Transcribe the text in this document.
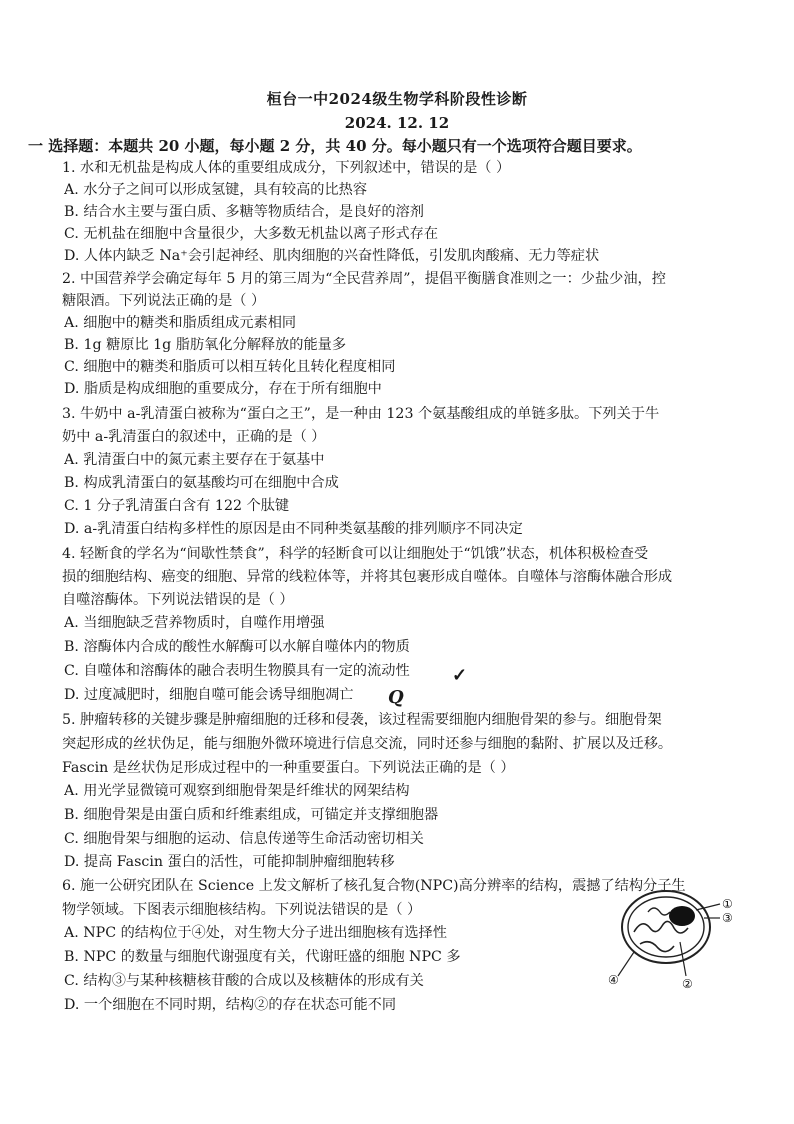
桓台一中2024级生物学科阶段性诊断
2024. 12. 12
一 选择题：本题共 20 小题，每小题 2 分，共 40 分。每小题只有一个选项符合题目要求。
1. 水和无机盐是构成人体的重要组成成分，下列叙述中，错误的是（ ）
A. 水分子之间可以形成氢键，具有较高的比热容
B. 结合水主要与蛋白质、多糖等物质结合，是良好的溶剂
C. 无机盐在细胞中含量很少，大多数无机盐以离子形式存在
D. 人体内缺乏 Na⁺会引起神经、肌肉细胞的兴奋性降低，引发肌肉酸痛、无力等症状
2. 中国营养学会确定每年 5 月的第三周为“全民营养周”，提倡平衡膳食准则之一：少盐少油，控
糖限酒。下列说法正确的是（ ）
A. 细胞中的糖类和脂质组成元素相同
B. 1g 糖原比 1g 脂肪氧化分解释放的能量多
C. 细胞中的糖类和脂质可以相互转化且转化程度相同
D. 脂质是构成细胞的重要成分，存在于所有细胞中
3. 牛奶中 a-乳清蛋白被称为“蛋白之王”，是一种由 123 个氨基酸组成的单链多肽。下列关于牛
奶中 a-乳清蛋白的叙述中，正确的是（ ）
A. 乳清蛋白中的氮元素主要存在于氨基中
B. 构成乳清蛋白的氨基酸均可在细胞中合成
C. 1 分子乳清蛋白含有 122 个肽键
D. a-乳清蛋白结构多样性的原因是由不同种类氨基酸的排列顺序不同决定
4. 轻断食的学名为“间歇性禁食”，科学的轻断食可以让细胞处于“饥饿”状态，机体积极检查受
损的细胞结构、癌变的细胞、异常的线粒体等，并将其包裹形成自噬体。自噬体与溶酶体融合形成
自噬溶酶体。下列说法错误的是（ ）
A. 当细胞缺乏营养物质时，自噬作用增强
B. 溶酶体内合成的酸性水解酶可以水解自噬体内的物质
C. 自噬体和溶酶体的融合表明生物膜具有一定的流动性
D. 过度减肥时，细胞自噬可能会诱导细胞凋亡
✓
Q
5. 肿瘤转移的关键步骤是肿瘤细胞的迁移和侵袭，该过程需要细胞内细胞骨架的参与。细胞骨架
突起形成的丝状伪足，能与细胞外微环境进行信息交流，同时还参与细胞的黏附、扩展以及迁移。
Fascin 是丝状伪足形成过程中的一种重要蛋白。下列说法正确的是（ ）
A. 用光学显微镜可观察到细胞骨架是纤维状的网架结构
B. 细胞骨架是由蛋白质和纤维素组成，可锚定并支撑细胞器
C. 细胞骨架与细胞的运动、信息传递等生命活动密切相关
D. 提高 Fascin 蛋白的活性，可能抑制肿瘤细胞转移
6. 施一公研究团队在 Science 上发文解析了核孔复合物(NPC)高分辨率的结构，震撼了结构分子生
物学领域。下图表示细胞核结构。下列说法错误的是（ ）
A. NPC 的结构位于④处，对生物大分子进出细胞核有选择性
B. NPC 的数量与细胞代谢强度有关，代谢旺盛的细胞 NPC 多
C. 结构③与某种核糖核苷酸的合成以及核糖体的形成有关
D. 一个细胞在不同时期，结构②的存在状态可能不同
①
③
④	②
